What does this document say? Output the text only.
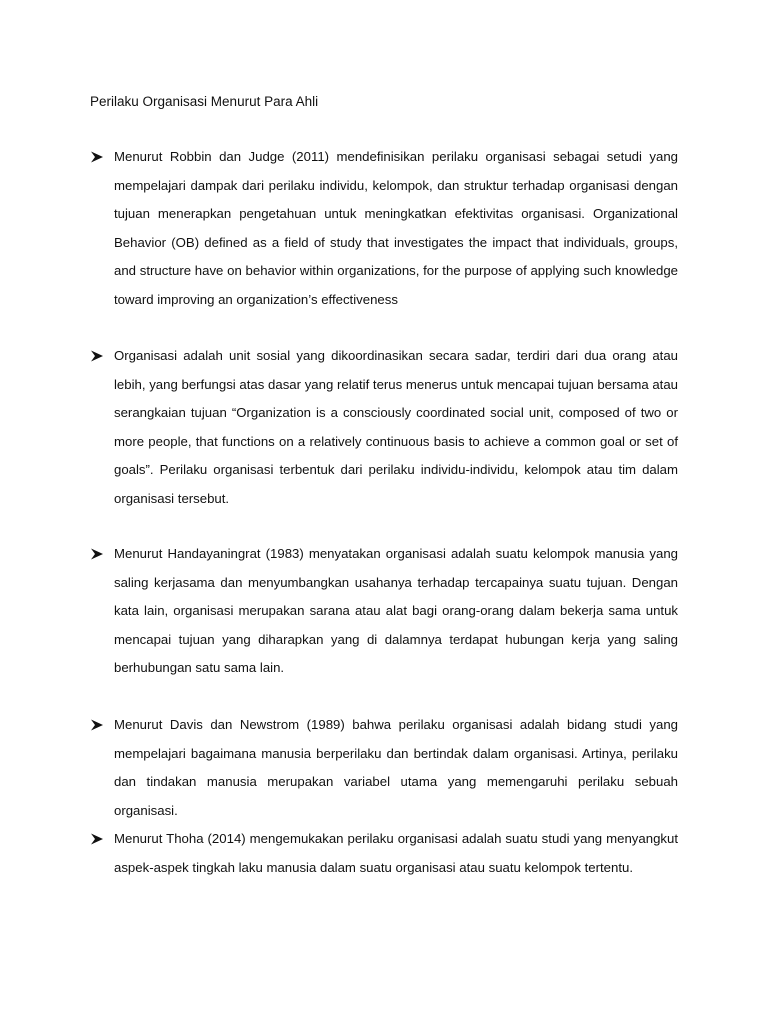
Perilaku Organisasi Menurut Para Ahli
Menurut Robbin dan Judge (2011) mendefinisikan perilaku organisasi sebagai setudi yang mempelajari dampak dari perilaku individu, kelompok, dan struktur terhadap organisasi dengan tujuan menerapkan pengetahuan untuk meningkatkan efektivitas organisasi. Organizational Behavior (OB) defined as a field of study that investigates the impact that individuals, groups, and structure have on behavior within organizations, for the purpose of applying such knowledge toward improving an organization’s effectiveness
Organisasi adalah unit sosial yang dikoordinasikan secara sadar, terdiri dari dua orang atau lebih, yang berfungsi atas dasar yang relatif terus menerus untuk mencapai tujuan bersama atau serangkaian tujuan “Organization is a consciously coordinated social unit, composed of two or more people, that functions on a relatively continuous basis to achieve a common goal or set of goals”. Perilaku organisasi terbentuk dari perilaku individu-individu, kelompok atau tim dalam organisasi tersebut.
Menurut Handayaningrat (1983) menyatakan organisasi adalah suatu kelompok manusia yang saling kerjasama dan menyumbangkan usahanya terhadap tercapainya suatu tujuan. Dengan kata lain, organisasi merupakan sarana atau alat bagi orang-orang dalam bekerja sama untuk mencapai tujuan yang diharapkan yang di dalamnya terdapat hubungan kerja yang saling berhubungan satu sama lain.
Menurut Davis dan Newstrom (1989) bahwa perilaku organisasi adalah bidang studi yang mempelajari bagaimana manusia berperilaku dan bertindak dalam organisasi. Artinya, perilaku dan tindakan manusia merupakan variabel utama yang memengaruhi perilaku sebuah organisasi.
Menurut Thoha (2014) mengemukakan perilaku organisasi adalah suatu studi yang menyangkut aspek-aspek tingkah laku manusia dalam suatu organisasi atau suatu kelompok tertentu.
